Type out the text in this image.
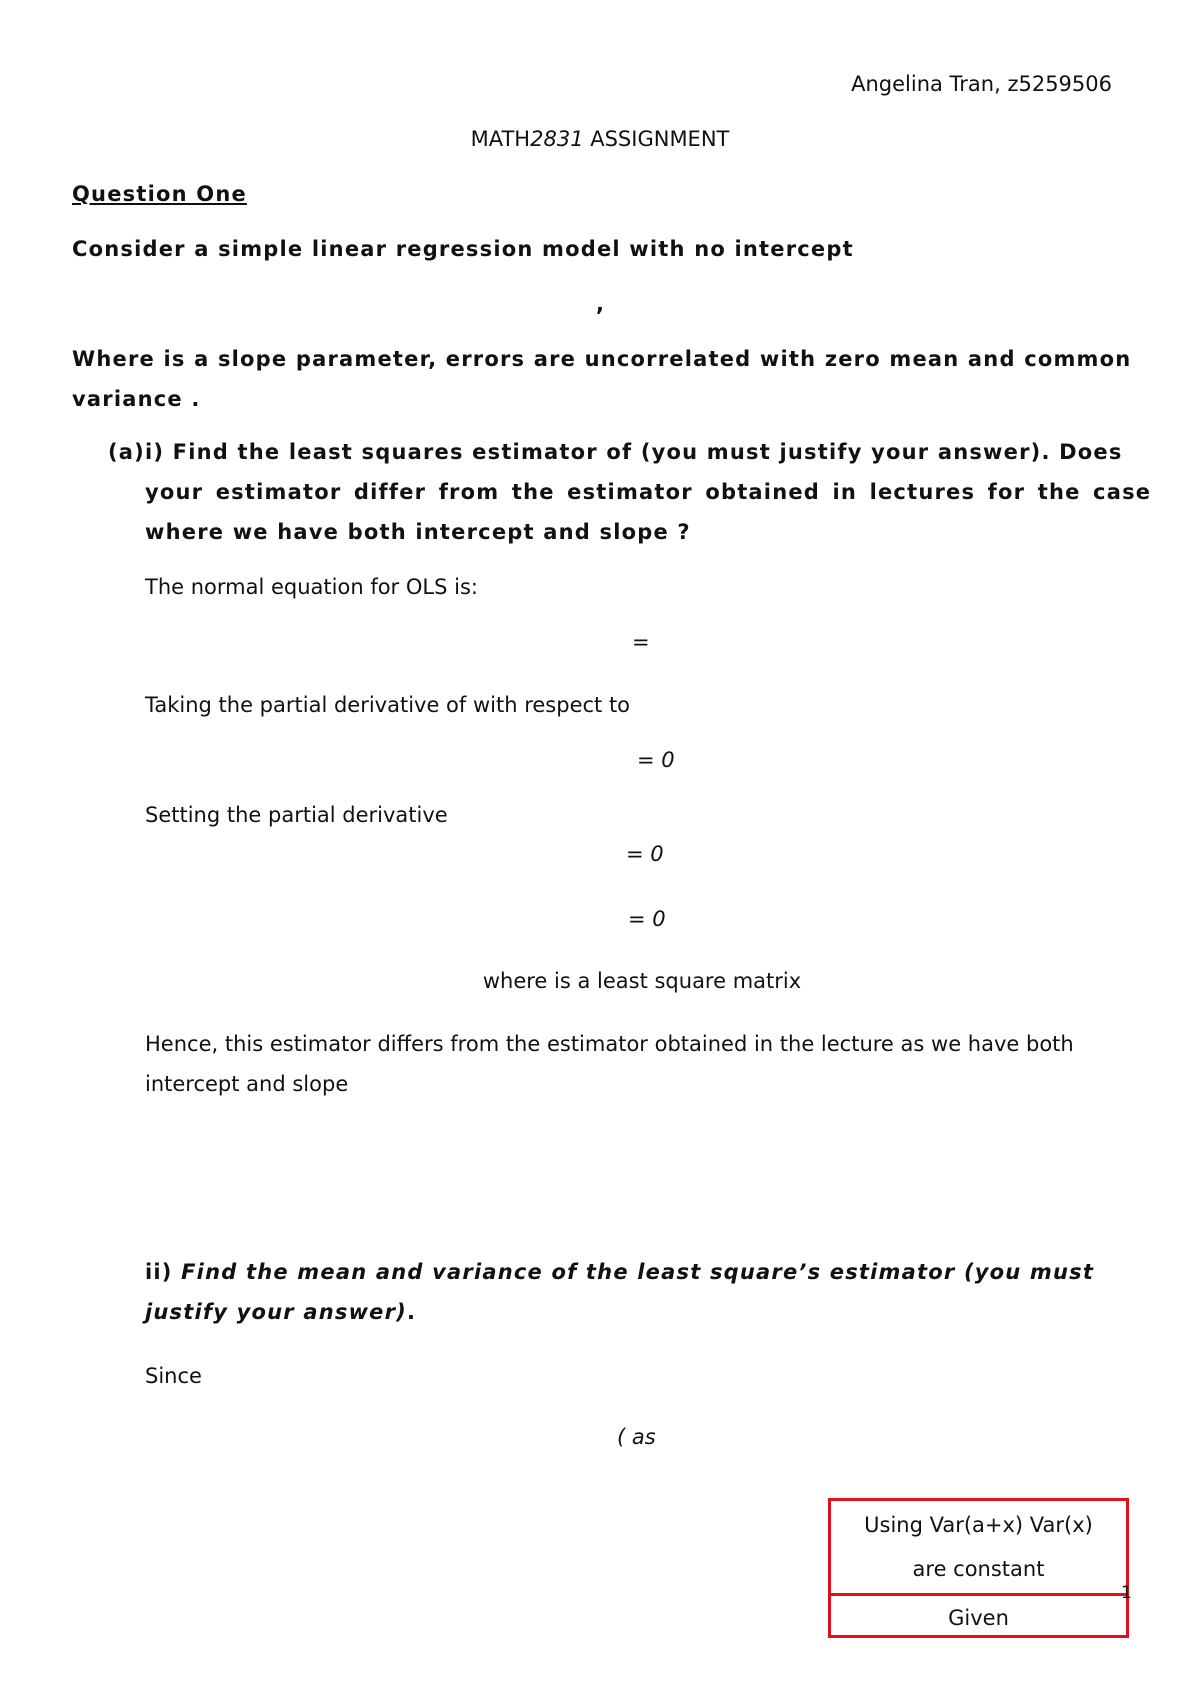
Angelina Tran, z5259506
MATH2831 ASSIGNMENT
Question One
Consider a simple linear regression model with no intercept
,
Where is a slope parameter, errors are uncorrelated with zero mean and common
variance .
(a)i) Find the least squares estimator of (you must justify your answer). Does
your estimator differ from the estimator obtained in lectures for the case
where we have both intercept and slope ?
The normal equation for OLS is:
=
Taking the partial derivative of with respect to
= 0
Setting the partial derivative
= 0
= 0
where is a least square matrix
Hence, this estimator differs from the estimator obtained in the lecture as we have both
intercept and slope
ii) Find the mean and variance of the least square’s estimator (you must
justify your answer).
Since
( as
Using Var(a+x) Var(x)
are constant
Given
1
